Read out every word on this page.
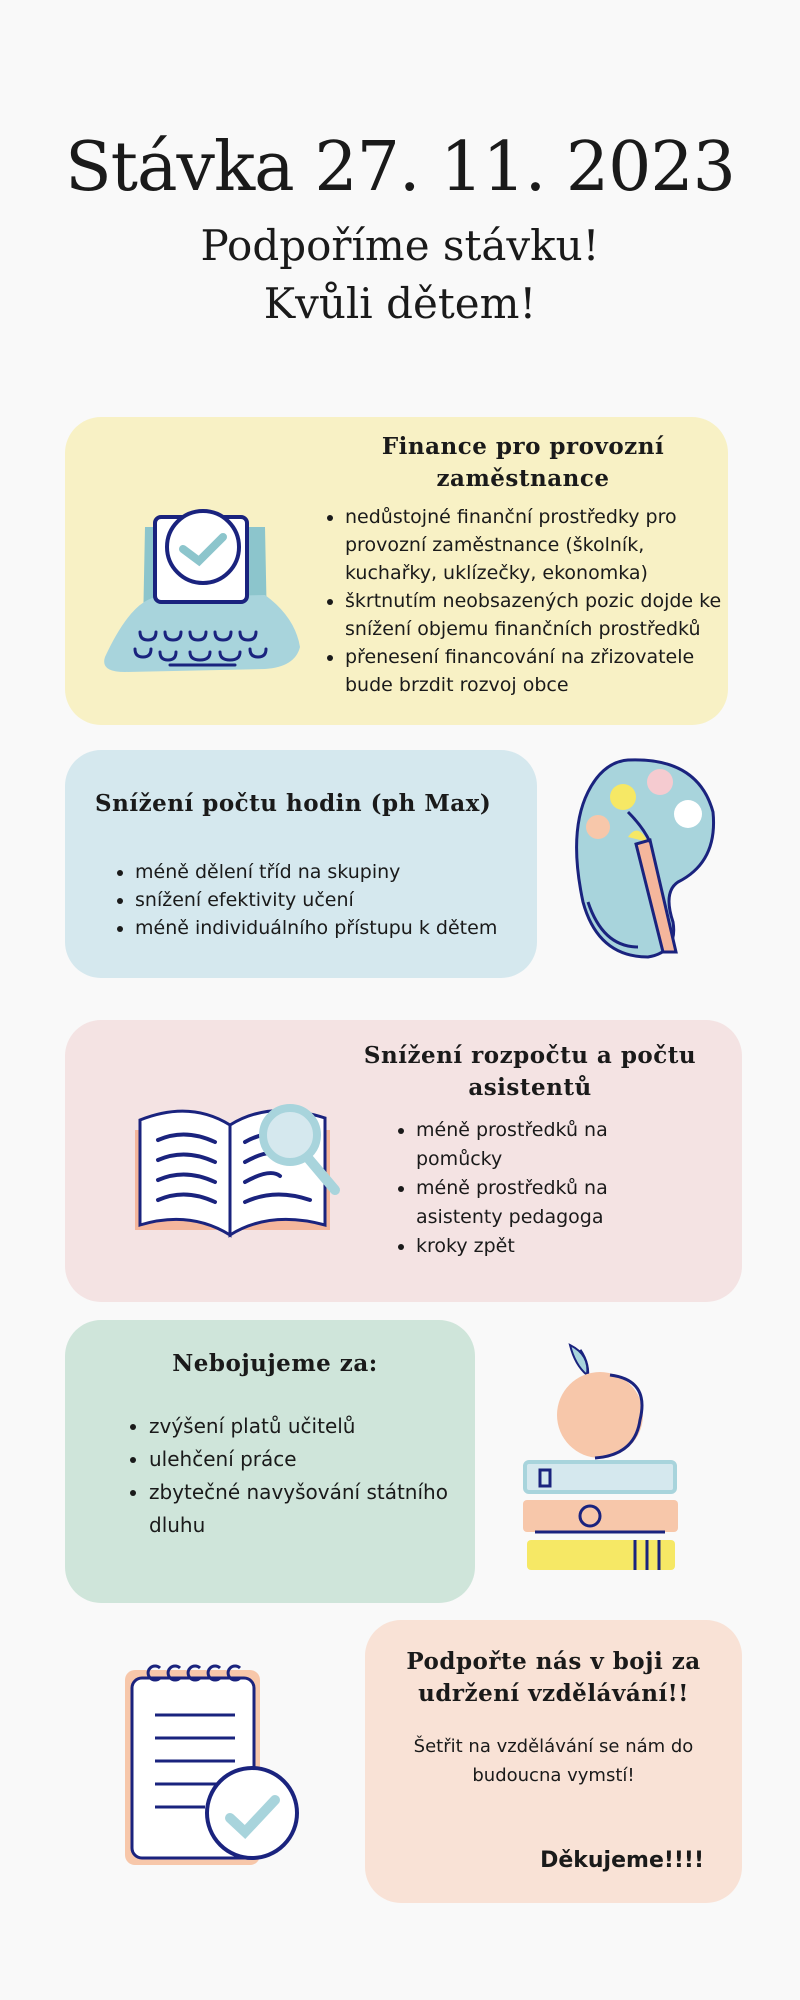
Stávka 27. 11. 2023

Podpoříme stávku!

Kvůli dětem!

Finance pro provozní zaměstnance
• nedůstojné finanční prostředky pro provozní zaměstnance (školník, kuchařky, uklízečky, ekonomka)
• škrtnutím neobsazených pozic dojde ke snížení objemu finančních prostředků
• přenesení financování na zřizovatele bude brzdit rozvoj obce
Snížení počtu hodin (ph Max)
• méně dělení tříd na skupiny
• snížení efektivity učení
• méně individuálního přístupu k dětem
Snížení rozpočtu a počtu asistentů
• méně prostředků na pomůcky
• méně prostředků na asistenty pedagoga
• kroky zpět
Nebojujeme za:
• zvýšení platů učitelů
• ulehčení práce
• zbytečné navyšování státního dluhu
Podpořte nás v boji za udržení vzdělávání!!
Šetřit na vzdělávání se nám do budoucna vymstí!
Děkujeme!!!!
